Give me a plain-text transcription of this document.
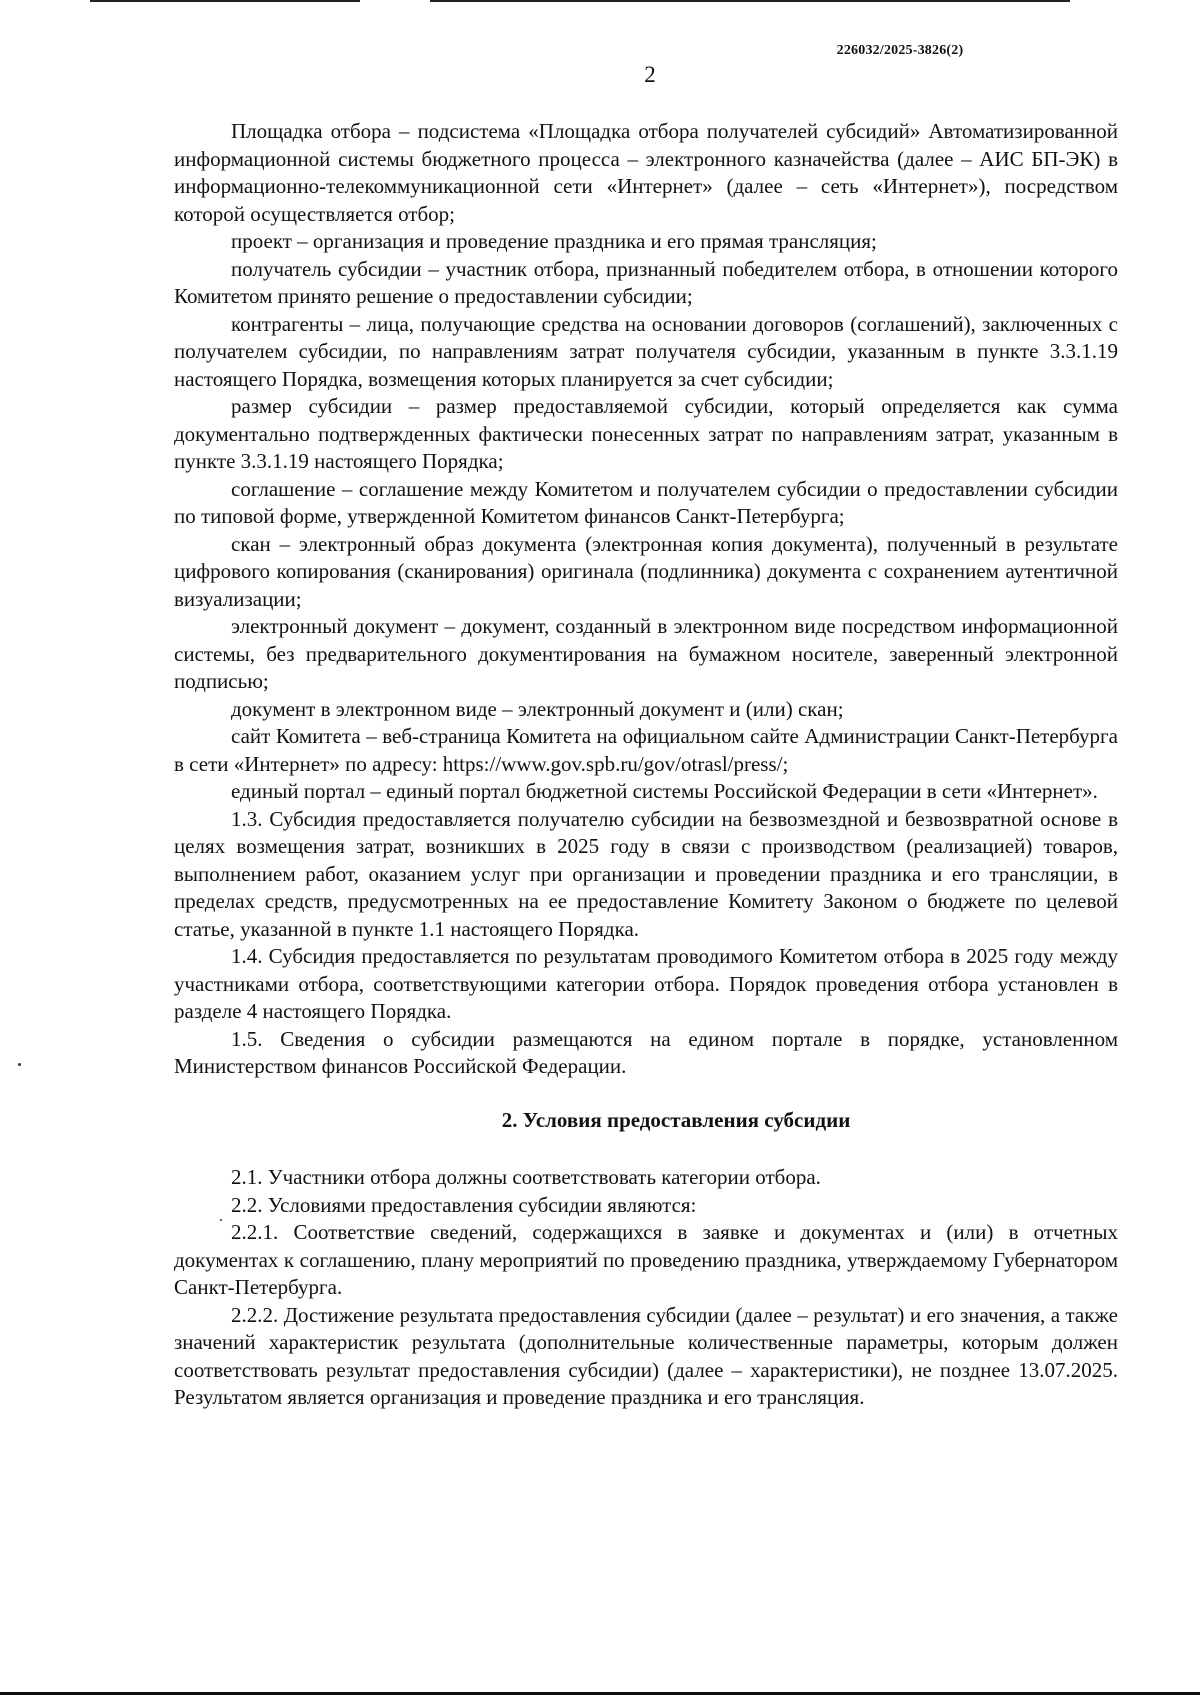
226032/2025-3826(2)
2

Площадка отбора – подсистема «Площадка отбора получателей субсидий» Автоматизированной информационной системы бюджетного процесса – электронного казначейства (далее – АИС БП-ЭК) в информационно-телекоммуникационной сети «Интернет» (далее – сеть «Интернет»), посредством которой осуществляется отбор;

проект – организация и проведение праздника и его прямая трансляция;

получатель субсидии – участник отбора, признанный победителем отбора, в отношении которого Комитетом принято решение о предоставлении субсидии;

контрагенты – лица, получающие средства на основании договоров (соглашений), заключенных с получателем субсидии, по направлениям затрат получателя субсидии, указанным в пункте 3.3.1.19 настоящего Порядка, возмещения которых планируется за счет субсидии;

размер субсидии – размер предоставляемой субсидии, который определяется как сумма документально подтвержденных фактически понесенных затрат по направлениям затрат, указанным в пункте 3.3.1.19 настоящего Порядка;

соглашение – соглашение между Комитетом и получателем субсидии о предоставлении субсидии по типовой форме, утвержденной Комитетом финансов Санкт-Петербурга;

скан – электронный образ документа (электронная копия документа), полученный в результате цифрового копирования (сканирования) оригинала (подлинника) документа с сохранением аутентичной визуализации;

электронный документ – документ, созданный в электронном виде посредством информационной системы, без предварительного документирования на бумажном носителе, заверенный электронной подписью;

документ в электронном виде – электронный документ и (или) скан;

сайт Комитета – веб-страница Комитета на официальном сайте Администрации Санкт-Петербурга в сети «Интернет» по адресу: https://www.gov.spb.ru/gov/otrasl/press/;

единый портал – единый портал бюджетной системы Российской Федерации в сети «Интернет».

1.3. Субсидия предоставляется получателю субсидии на безвозмездной и безвозвратной основе в целях возмещения затрат, возникших в 2025 году в связи с производством (реализацией) товаров, выполнением работ, оказанием услуг при организации и проведении праздника и его трансляции, в пределах средств, предусмотренных на ее предоставление Комитету Законом о бюджете по целевой статье, указанной в пункте 1.1 настоящего Порядка.

1.4. Субсидия предоставляется по результатам проводимого Комитетом отбора в 2025 году между участниками отбора, соответствующими категории отбора. Порядок проведения отбора установлен в разделе 4 настоящего Порядка.

1.5. Сведения о субсидии размещаются на едином портале в порядке, установленном Министерством финансов Российской Федерации.

2. Условия предоставления субсидии

2.1. Участники отбора должны соответствовать категории отбора.

2.2. Условиями предоставления субсидии являются:

2.2.1. Соответствие сведений, содержащихся в заявке и документах и (или) в отчетных документах к соглашению, плану мероприятий по проведению праздника, утверждаемому Губернатором Санкт-Петербурга.

2.2.2. Достижение результата предоставления субсидии (далее – результат) и его значения, а также значений характеристик результата (дополнительные количественные параметры, которым должен соответствовать результат предоставления субсидии) (далее – характеристики), не позднее 13.07.2025. Результатом является организация и проведение праздника и его трансляция.
